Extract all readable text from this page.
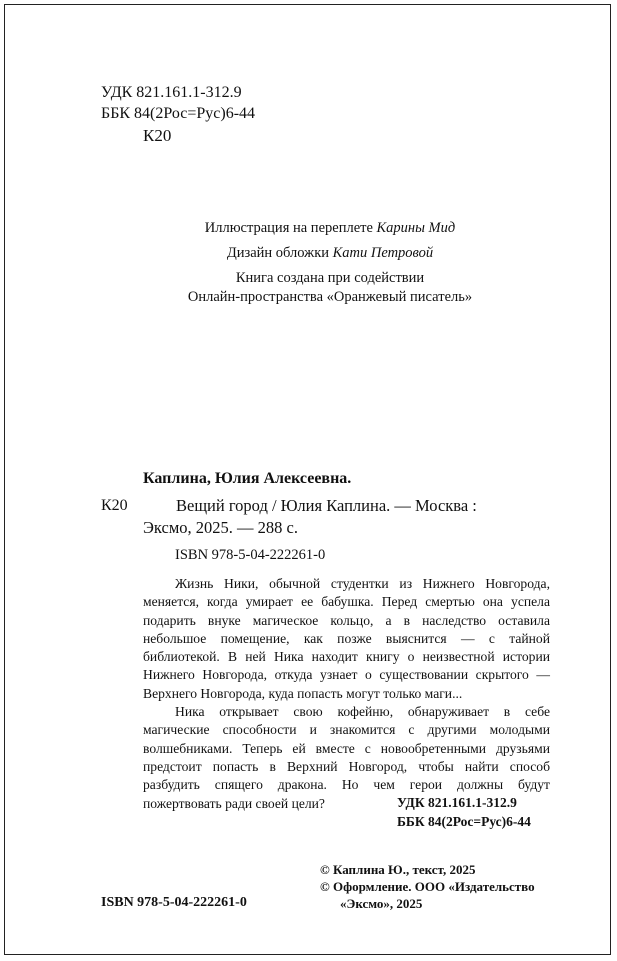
УДК 821.161.1-312.9
ББК 84(2Рос=Рус)6-44
К20
Иллюстрация на переплете Карины Мид
Дизайн обложки Кати Петровой
Книга создана при содействии
Онлайн-пространства «Оранжевый писатель»
Каплина, Юлия Алексеевна.
К20	Вещий город / Юлия Каплина. — Москва :
Эксмо, 2025. — 288 с.
ISBN 978-5-04-222261-0

Жизнь Ники, обычной студентки из Нижнего Новгорода, меняется, когда умирает ее бабушка. Перед смертью она успела подарить внуке магическое кольцо, а в наследство оставила небольшое помещение, как позже выяснится — с тайной библиотекой. В ней Ника находит книгу о неизвестной истории Нижнего Новгорода, откуда узнает о существовании скрытого — Верхнего Новгорода, куда попасть могут только маги...

Ника открывает свою кофейню, обнаруживает в себе магические способности и знакомится с другими молодыми волшебниками. Теперь ей вместе с новообретенными друзьями предстоит попасть в Верхний Новгород, чтобы найти способ разбудить спящего дракона. Но чем герои должны будут пожертвовать ради своей цели?	УДК 821.161.1-312.9
ББК 84(2Рос=Рус)6-44
© Каплина Ю., текст, 2025
© Оформление. ООО «Издательство
«Эксмо», 2025
ISBN 978-5-04-222261-0
